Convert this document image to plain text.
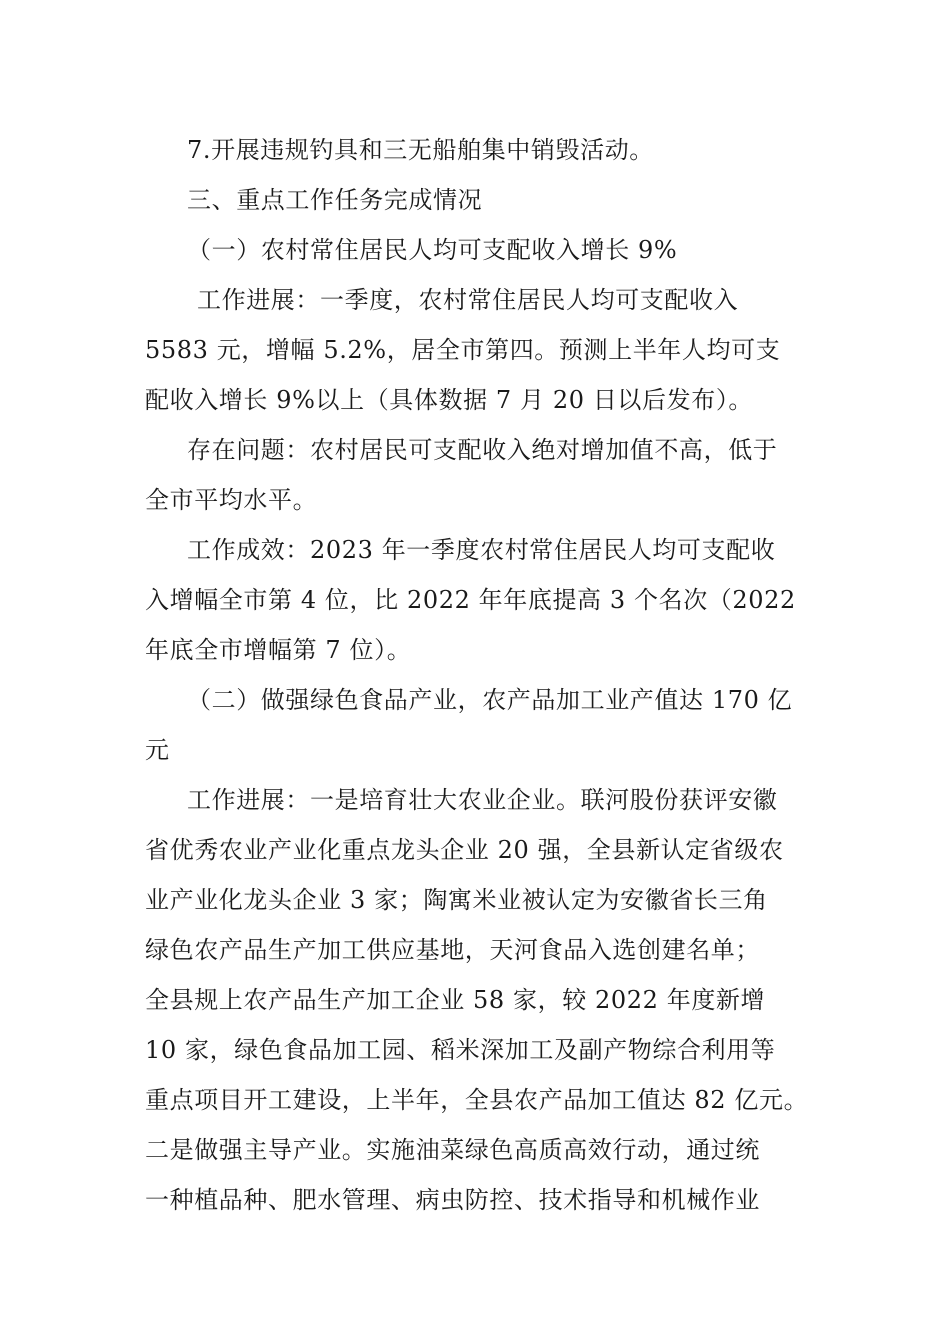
7.开展违规钓具和三无船舶集中销毁活动。
三、重点工作任务完成情况
（一）农村常住居民人均可支配收入增长 9%
工作进展：一季度，农村常住居民人均可支配收入
5583 元，增幅 5.2%，居全市第四。预测上半年人均可支
配收入增长 9%以上（具体数据 7 月 20 日以后发布）。
存在问题：农村居民可支配收入绝对增加值不高，低于
全市平均水平。
工作成效：2023 年一季度农村常住居民人均可支配收
入增幅全市第 4 位，比 2022 年年底提高 3 个名次（2022
年底全市增幅第 7 位）。
（二）做强绿色食品产业，农产品加工业产值达 170 亿
元
工作进展：一是培育壮大农业企业。联河股份获评安徽
省优秀农业产业化重点龙头企业 20 强，全县新认定省级农
业产业化龙头企业 3 家；陶寓米业被认定为安徽省长三角
绿色农产品生产加工供应基地，天河食品入选创建名单；
全县规上农产品生产加工企业 58 家，较 2022 年度新增
10 家，绿色食品加工园、稻米深加工及副产物综合利用等
重点项目开工建设，上半年，全县农产品加工值达 82 亿元。
二是做强主导产业。实施油菜绿色高质高效行动，通过统
一种植品种、肥水管理、病虫防控、技术指导和机械作业
